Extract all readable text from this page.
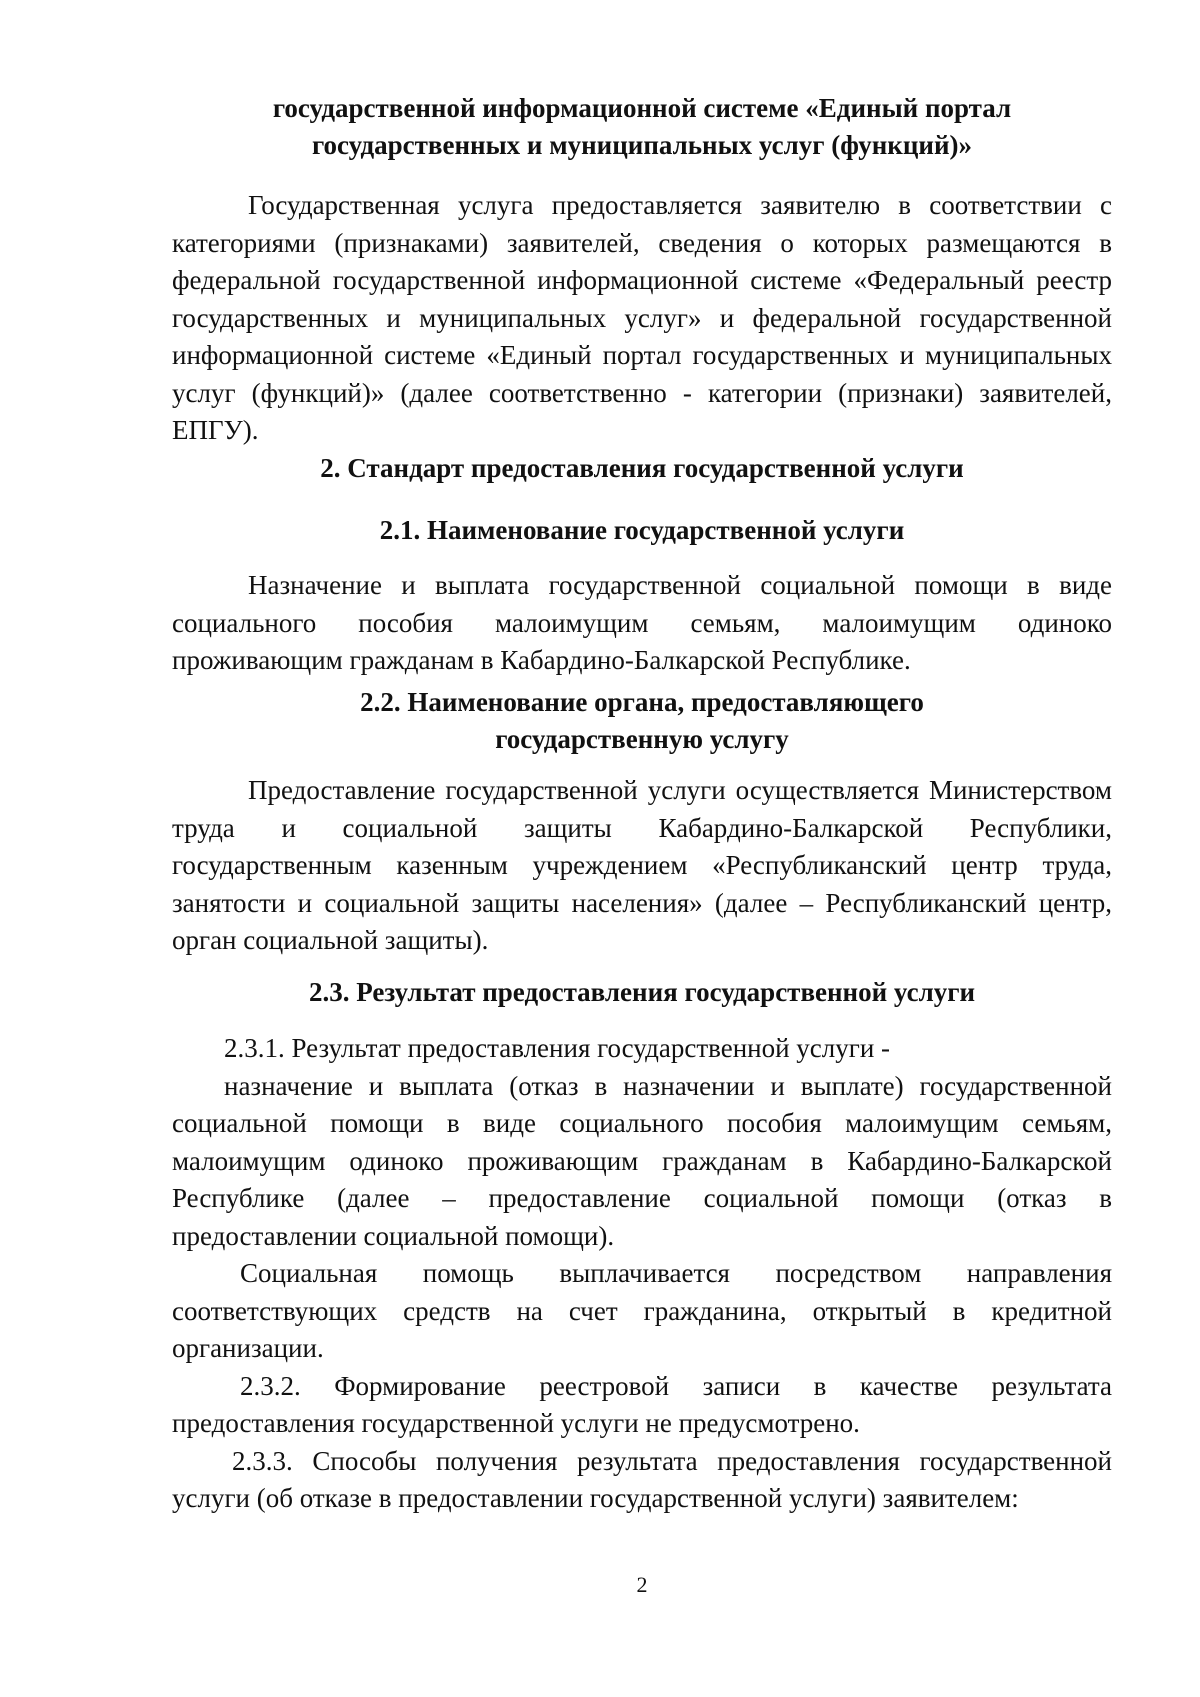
государственной информационной системе «Единый портал

государственных и муниципальных услуг (функций)»

Государственная услуга предоставляется заявителю в соответствии с категориями (признаками) заявителей, сведения о которых размещаются в федеральной государственной информационной системе «Федеральный реестр государственных и муниципальных услуг» и федеральной государственной информационной системе «Единый портал государственных и муниципальных услуг (функций)» (далее соответственно - категории (признаки) заявителей, ЕПГУ).

2. Стандарт предоставления государственной услуги

2.1. Наименование государственной услуги

Назначение и выплата государственной социальной помощи в виде социального пособия малоимущим семьям, малоимущим одиноко проживающим гражданам в Кабардино-Балкарской Республике.

2.2. Наименование органа, предоставляющего

государственную услугу

Предоставление государственной услуги осуществляется Министерством труда и социальной защиты Кабардино-Балкарской Республики, государственным казенным учреждением «Республиканский центр труда, занятости и социальной защиты населения» (далее – Республиканский центр, орган социальной защиты).

2.3. Результат предоставления государственной услуги

2.3.1. Результат предоставления государственной услуги -

назначение и выплата (отказ в назначении и выплате) государственной социальной помощи в виде социального пособия малоимущим семьям, малоимущим одиноко проживающим гражданам в Кабардино-Балкарской Республике (далее – предоставление социальной помощи (отказ в предоставлении социальной помощи).

Социальная помощь выплачивается посредством направления соответствующих средств на счет гражданина, открытый в кредитной организации.

2.3.2. Формирование реестровой записи в качестве результата предоставления государственной услуги не предусмотрено.

2.3.3. Способы получения результата предоставления государственной услуги (об отказе в предоставлении государственной услуги) заявителем:

2
